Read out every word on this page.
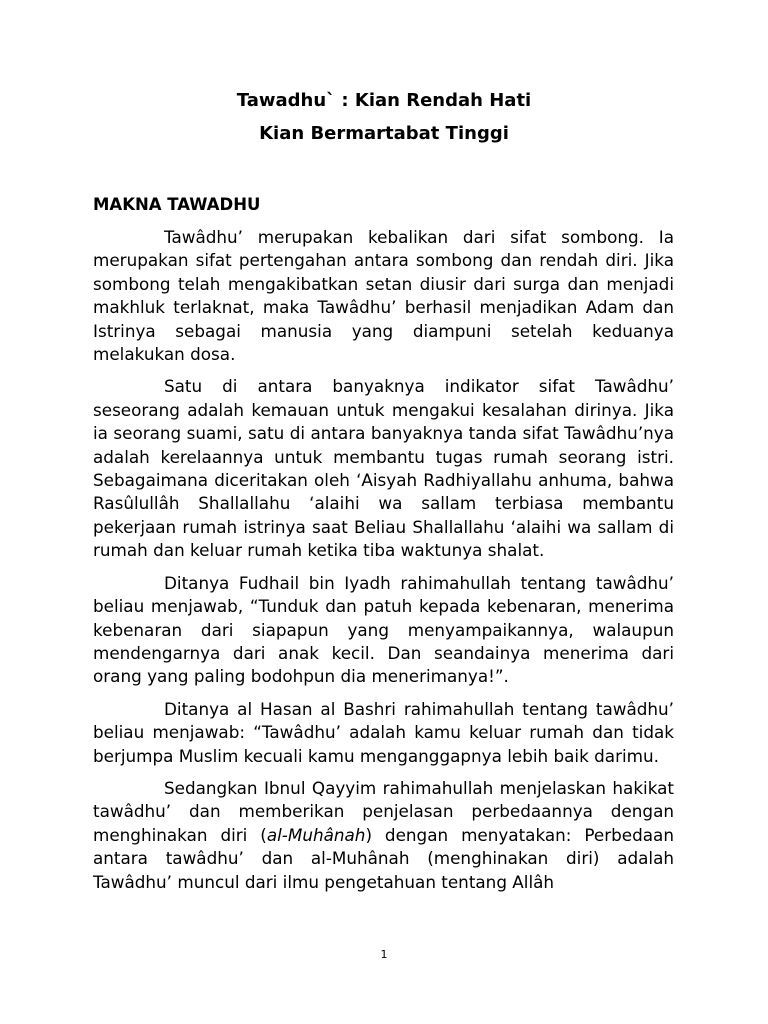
Tawadhu` : Kian Rendah Hati
Kian Bermartabat Tinggi
MAKNA TAWADHU

Tawâdhu’ merupakan kebalikan dari sifat sombong. Ia merupakan sifat pertengahan antara sombong dan rendah diri. Jika sombong telah mengakibatkan setan diusir dari surga dan menjadi makhluk terlaknat, maka Tawâdhu’ berhasil menjadikan Adam dan Istrinya sebagai manusia yang diampuni setelah keduanya melakukan dosa.

Satu di antara banyaknya indikator sifat Tawâdhu’ seseorang adalah kemauan untuk mengakui kesalahan dirinya. Jika ia seorang suami, satu di antara banyaknya tanda sifat Tawâdhu’nya adalah kerelaannya untuk membantu tugas rumah seorang istri. Sebagaimana diceritakan oleh ‘Aisyah Radhiyallahu anhuma, bahwa Rasûlullâh Shallallahu ‘alaihi wa sallam terbiasa membantu pekerjaan rumah istrinya saat Beliau Shallallahu ‘alaihi wa sallam di rumah dan keluar rumah ketika tiba waktunya shalat.

Ditanya Fudhail bin Iyadh rahimahullah tentang tawâdhu’ beliau menjawab, “Tunduk dan patuh kepada kebenaran, menerima kebenaran dari siapapun yang menyampaikannya, walaupun mendengarnya dari anak kecil. Dan seandainya menerima dari orang yang paling bodohpun dia menerimanya!”.

Ditanya al Hasan al Bashri rahimahullah tentang tawâdhu’ beliau menjawab: “Tawâdhu’ adalah kamu keluar rumah dan tidak berjumpa Muslim kecuali kamu menganggapnya lebih baik darimu.

Sedangkan Ibnul Qayyim rahimahullah menjelaskan hakikat tawâdhu’ dan memberikan penjelasan perbedaannya dengan menghinakan diri (al-Muhânah) dengan menyatakan: Perbedaan antara tawâdhu’ dan al-Muhânah (menghinakan diri) adalah Tawâdhu’ muncul dari ilmu pengetahuan tentang Allâh

1
